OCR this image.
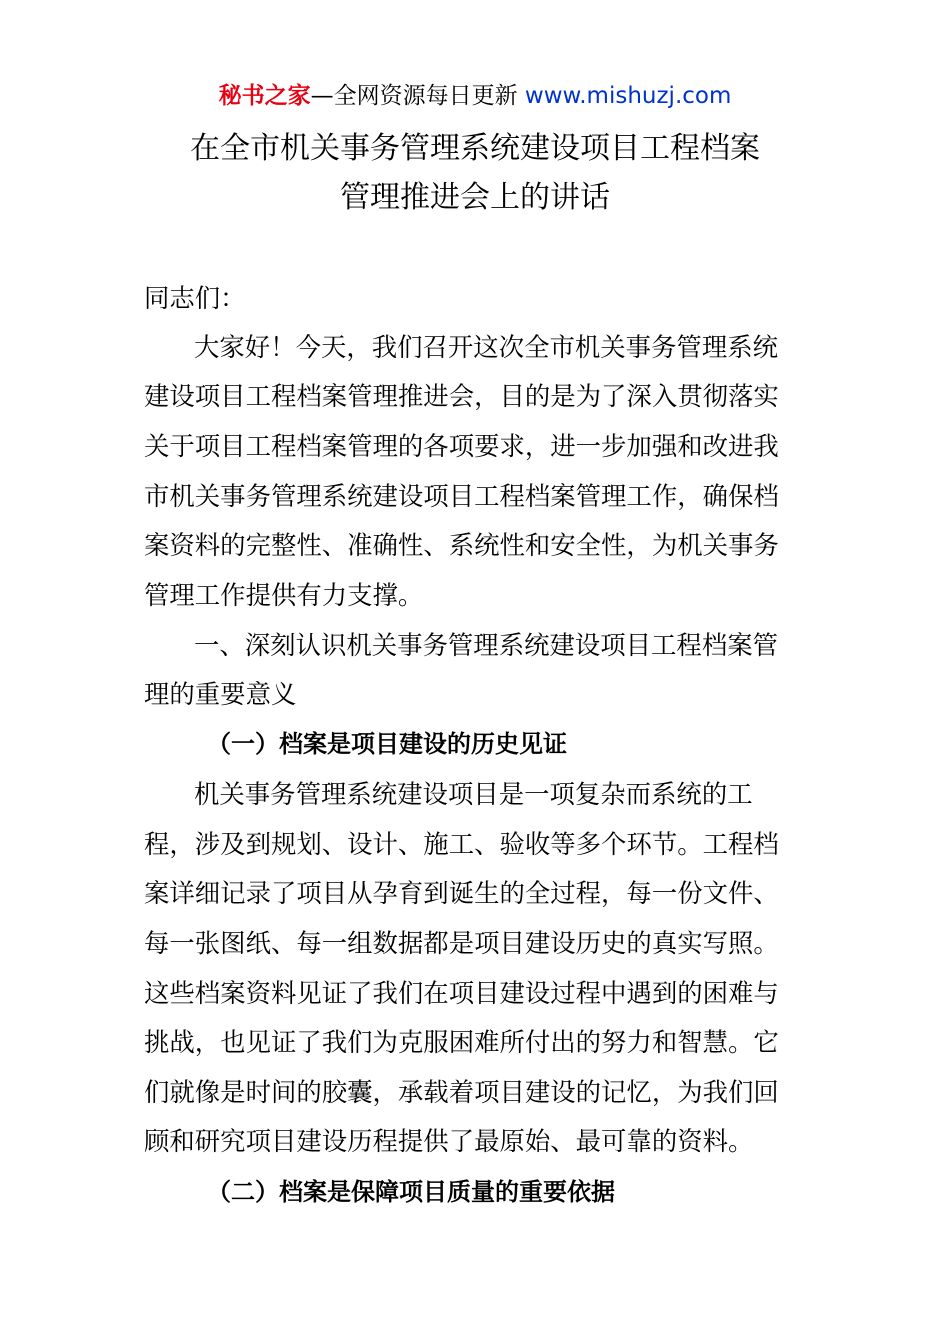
秘书之家—全网资源每日更新 www.mishuzj.com
在全市机关事务管理系统建设项目工程档案
管理推进会上的讲话
同志们：
大家好！今天，我们召开这次全市机关事务管理系统
建设项目工程档案管理推进会，目的是为了深入贯彻落实
关于项目工程档案管理的各项要求，进一步加强和改进我
市机关事务管理系统建设项目工程档案管理工作，确保档
案资料的完整性、准确性、系统性和安全性，为机关事务
管理工作提供有力支撑。
一、深刻认识机关事务管理系统建设项目工程档案管
理的重要意义
（一）档案是项目建设的历史见证
机关事务管理系统建设项目是一项复杂而系统的工
程，涉及到规划、设计、施工、验收等多个环节。工程档
案详细记录了项目从孕育到诞生的全过程，每一份文件、
每一张图纸、每一组数据都是项目建设历史的真实写照。
这些档案资料见证了我们在项目建设过程中遇到的困难与
挑战，也见证了我们为克服困难所付出的努力和智慧。它
们就像是时间的胶囊，承载着项目建设的记忆，为我们回
顾和研究项目建设历程提供了最原始、最可靠的资料。
（二）档案是保障项目质量的重要依据
